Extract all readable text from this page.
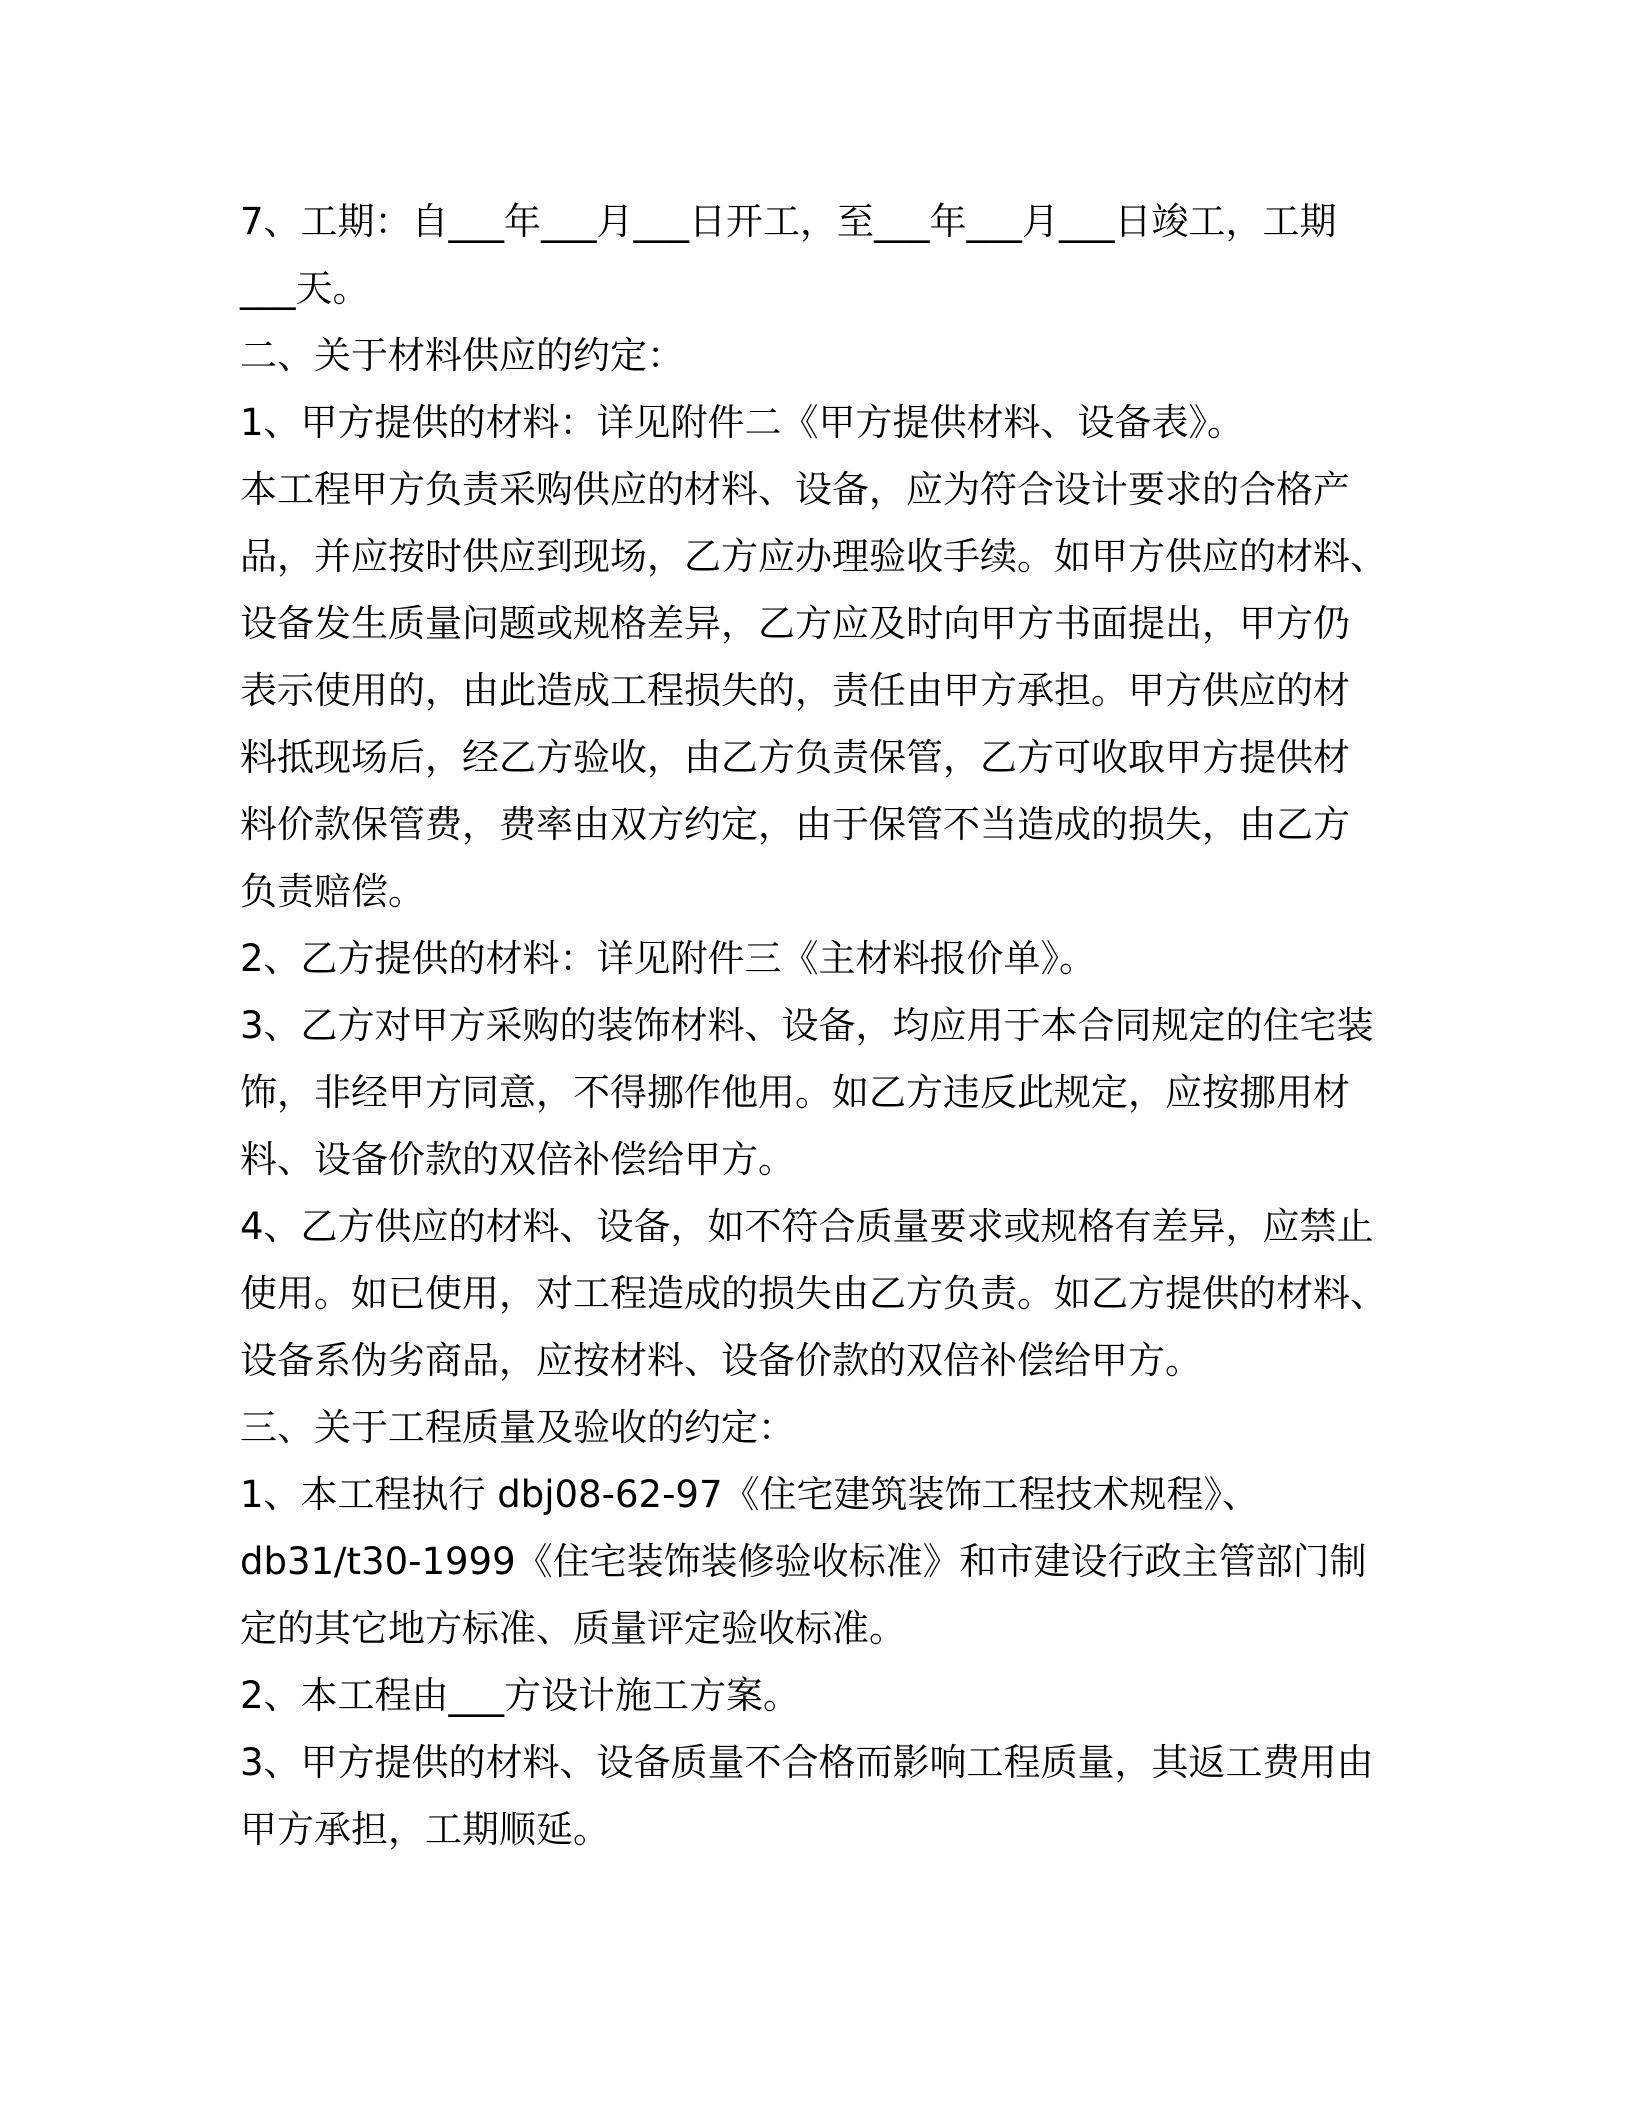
7、工期：自___年___月___日开工，至___年___月___日竣工，工期
___天。
二、关于材料供应的约定：
1、甲方提供的材料：详见附件二《甲方提供材料、设备表》。
本工程甲方负责采购供应的材料、设备，应为符合设计要求的合格产
品，并应按时供应到现场，乙方应办理验收手续。如甲方供应的材料、
设备发生质量问题或规格差异，乙方应及时向甲方书面提出，甲方仍
表示使用的，由此造成工程损失的，责任由甲方承担。甲方供应的材
料抵现场后，经乙方验收，由乙方负责保管，乙方可收取甲方提供材
料价款保管费，费率由双方约定，由于保管不当造成的损失，由乙方
负责赔偿。
2、乙方提供的材料：详见附件三《主材料报价单》。
3、乙方对甲方采购的装饰材料、设备，均应用于本合同规定的住宅装
饰，非经甲方同意，不得挪作他用。如乙方违反此规定，应按挪用材
料、设备价款的双倍补偿给甲方。
4、乙方供应的材料、设备，如不符合质量要求或规格有差异，应禁止
使用。如已使用，对工程造成的损失由乙方负责。如乙方提供的材料、
设备系伪劣商品，应按材料、设备价款的双倍补偿给甲方。
三、关于工程质量及验收的约定：
1、本工程执行 dbj08-62-97《住宅建筑装饰工程技术规程》、
db31/t30-1999《住宅装饰装修验收标准》和市建设行政主管部门制
定的其它地方标准、质量评定验收标准。
2、本工程由___方设计施工方案。
3、甲方提供的材料、设备质量不合格而影响工程质量，其返工费用由
甲方承担，工期顺延。
